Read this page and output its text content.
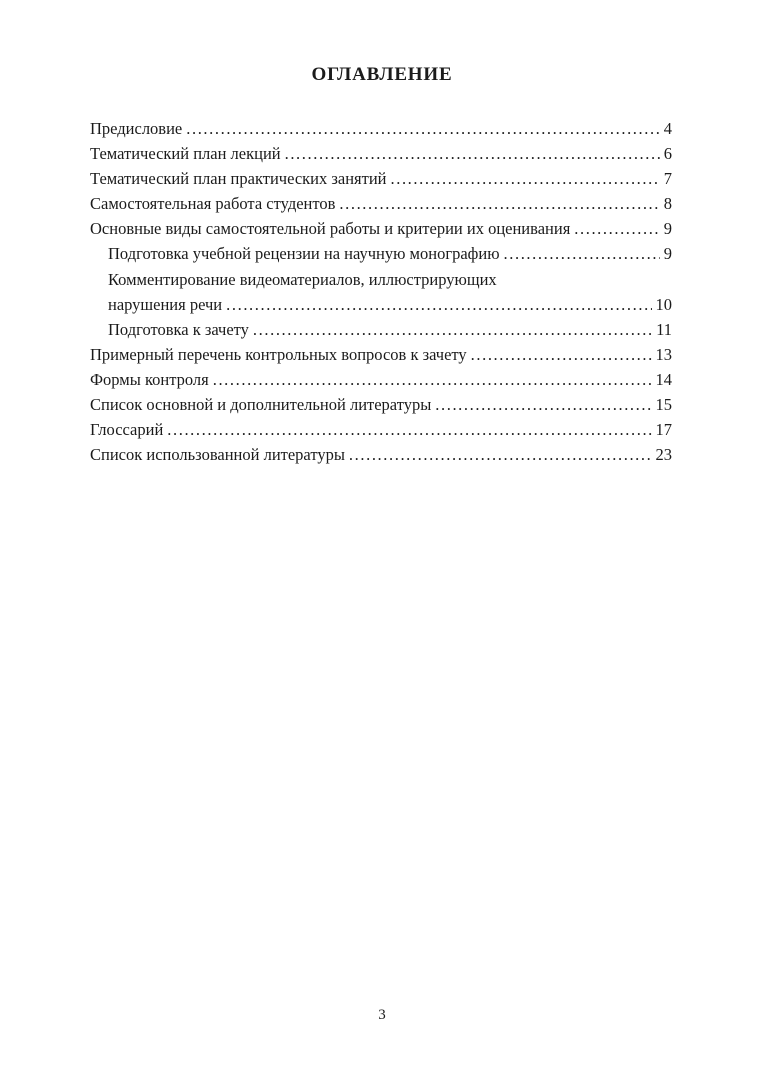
ОГЛАВЛЕНИЕ
Предисловие .....	4
Тематический план лекций .....	6
Тематический план практических занятий .....	7
Самостоятельная работа студентов .....	8
Основные виды самостоятельной работы и критерии их оценивания .....	9
Подготовка учебной рецензии на научную монографию .....	9
Комментирование видеоматериалов, иллюстрирующих
нарушения речи .....	10
Подготовка к зачету .....	11
Примерный перечень контрольных вопросов к зачету .....	13
Формы контроля .....	14
Список основной и дополнительной литературы .....	15
Глоссарий .....	17
Список использованной литературы .....	23
3
